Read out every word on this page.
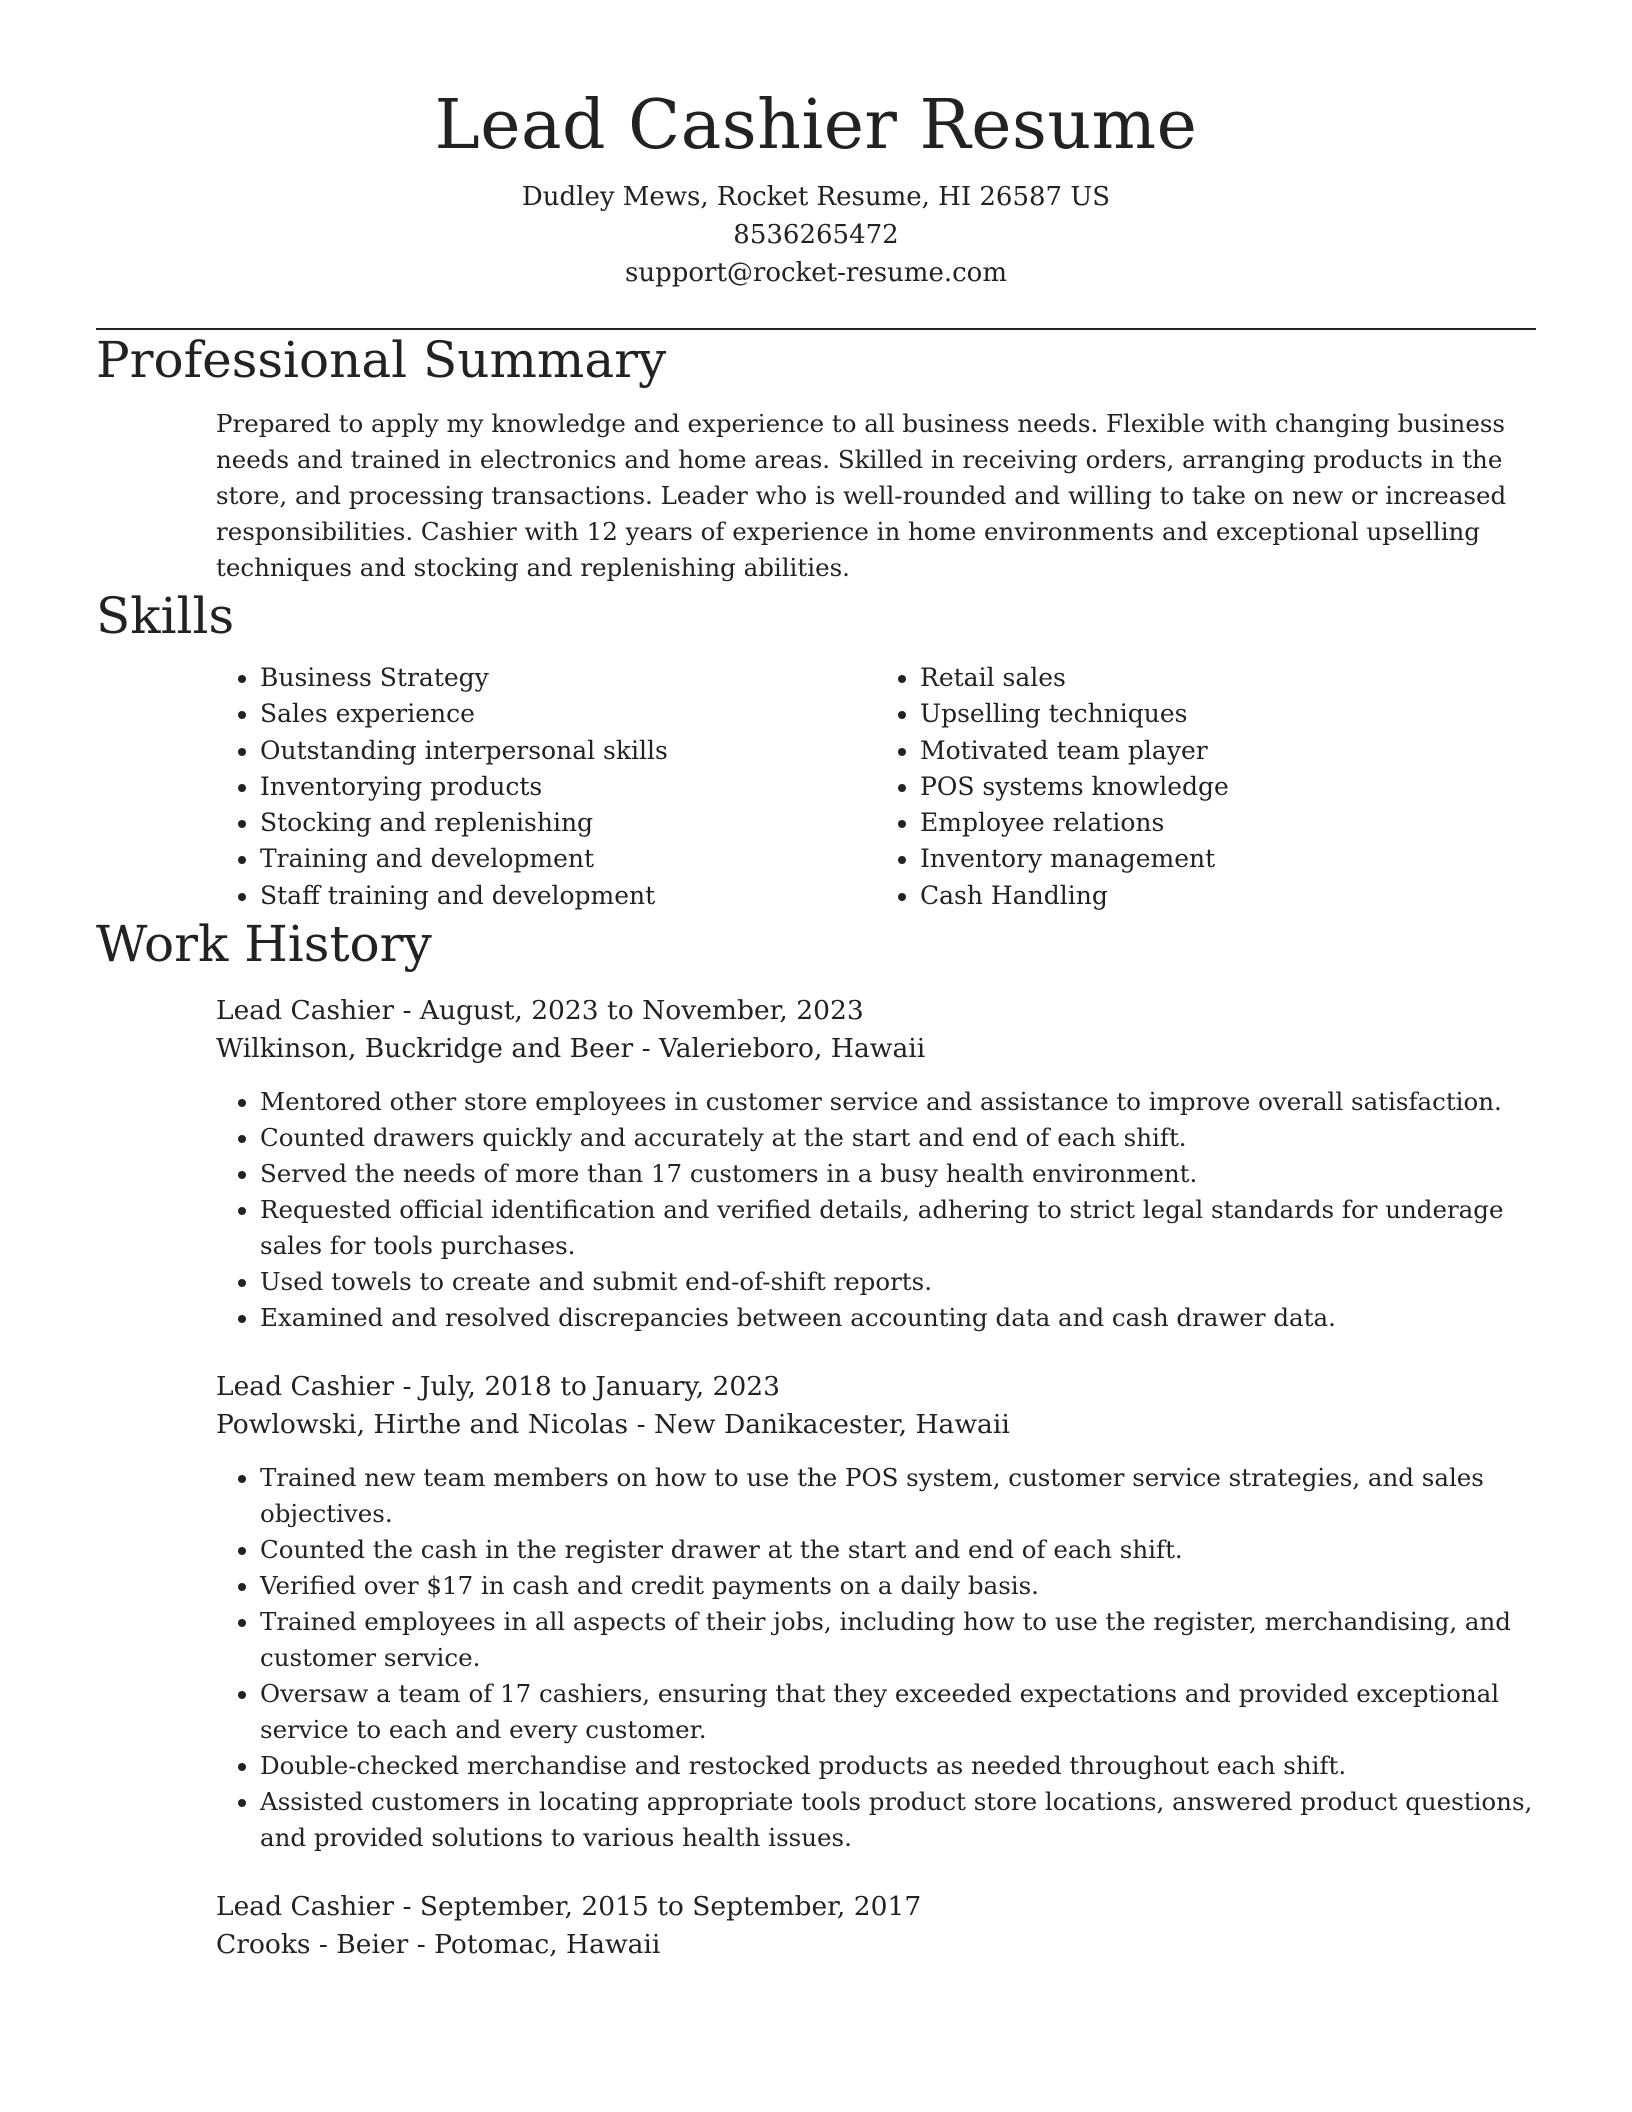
Lead Cashier Resume
Dudley Mews, Rocket Resume, HI 26587 US
8536265472
support@rocket-resume.com
Professional Summary

Prepared to apply my knowledge and experience to all business needs. Flexible with changing business needs and trained in electronics and home areas. Skilled in receiving orders, arranging products in the store, and processing transactions. Leader who is well-rounded and willing to take on new or increased responsibilities. Cashier with 12 years of experience in home environments and exceptional upselling techniques and stocking and replenishing abilities.

Skills
• Business Strategy
• Sales experience
• Outstanding interpersonal skills
• Inventorying products
• Stocking and replenishing
• Training and development
• Staff training and development
• Retail sales
• Upselling techniques
• Motivated team player
• POS systems knowledge
• Employee relations
• Inventory management
• Cash Handling
Work History
Lead Cashier - August, 2023 to November, 2023
Wilkinson, Buckridge and Beer - Valerieboro, Hawaii
• Mentored other store employees in customer service and assistance to improve overall satisfaction.
• Counted drawers quickly and accurately at the start and end of each shift.
• Served the needs of more than 17 customers in a busy health environment.
• Requested official identification and verified details, adhering to strict legal standards for underage sales for tools purchases.
• Used towels to create and submit end-of-shift reports.
• Examined and resolved discrepancies between accounting data and cash drawer data.
Lead Cashier - July, 2018 to January, 2023
Powlowski, Hirthe and Nicolas - New Danikacester, Hawaii
• Trained new team members on how to use the POS system, customer service strategies, and sales objectives.
• Counted the cash in the register drawer at the start and end of each shift.
• Verified over $17 in cash and credit payments on a daily basis.
• Trained employees in all aspects of their jobs, including how to use the register, merchandising, and customer service.
• Oversaw a team of 17 cashiers, ensuring that they exceeded expectations and provided exceptional service to each and every customer.
• Double-checked merchandise and restocked products as needed throughout each shift.
• Assisted customers in locating appropriate tools product store locations, answered product questions, and provided solutions to various health issues.
Lead Cashier - September, 2015 to September, 2017
Crooks - Beier - Potomac, Hawaii
